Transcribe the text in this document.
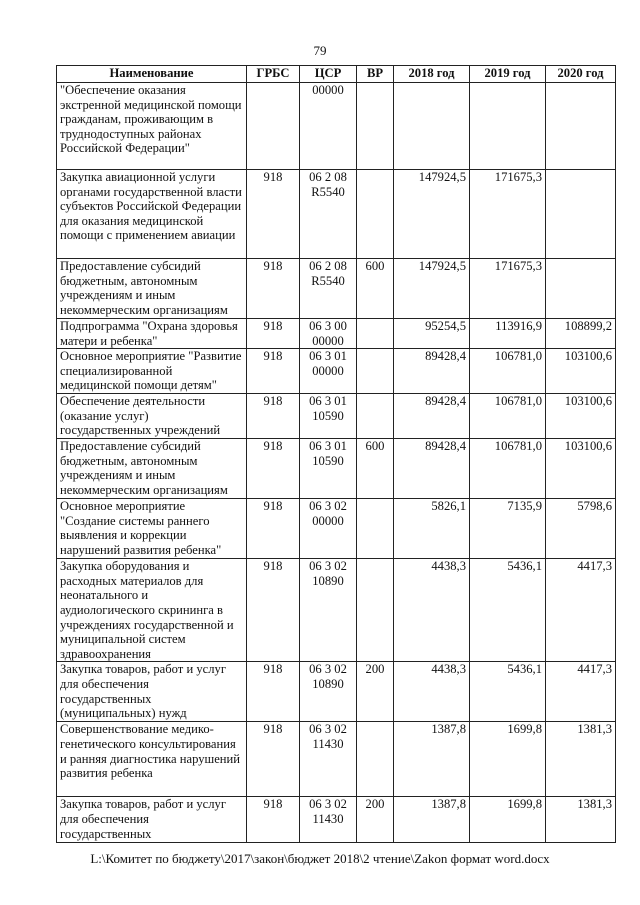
79
Наименование	ГРБС	ЦСР	ВР	2018 год	2019 год	2020 год
"Обеспечение оказания экстренной медицинской помощи гражданам, проживающим в труднодоступных районах Российской Федерации"		00000				
Закупка авиационной услуги органами государственной власти субъектов Российской Федерации для оказания медицинской помощи с применением авиации	918	06 2 08 R5540		147924,5	171675,3	
Предоставление субсидий бюджетным, автономным учреждениям и иным некоммерческим организациям	918	06 2 08 R5540	600	147924,5	171675,3	
Подпрограмма "Охрана здоровья матери и ребенка"	918	06 3 00 00000		95254,5	113916,9	108899,2
Основное мероприятие "Развитие специализированной медицинской помощи детям"	918	06 3 01 00000		89428,4	106781,0	103100,6
Обеспечение деятельности (оказание услуг) государственных учреждений	918	06 3 01 10590		89428,4	106781,0	103100,6
Предоставление субсидий бюджетным, автономным учреждениям и иным некоммерческим организациям	918	06 3 01 10590	600	89428,4	106781,0	103100,6
Основное мероприятие "Создание системы раннего выявления и коррекции нарушений развития ребенка"	918	06 3 02 00000		5826,1	7135,9	5798,6
Закупка оборудования и расходных материалов для неонатального и аудиологического скрининга в учреждениях государственной и муниципальной систем здравоохранения	918	06 3 02 10890		4438,3	5436,1	4417,3
Закупка товаров, работ и услуг для обеспечения государственных (муниципальных) нужд	918	06 3 02 10890	200	4438,3	5436,1	4417,3
Совершенствование медико-генетического консультирования и ранняя диагностика нарушений развития ребенка	918	06 3 02 11430		1387,8	1699,8	1381,3
Закупка товаров, работ и услуг для обеспечения государственных	918	06 3 02 11430	200	1387,8	1699,8	1381,3
L:\Комитет по бюджету\2017\закон\бюджет 2018\2 чтение\Zakon формат word.docx
